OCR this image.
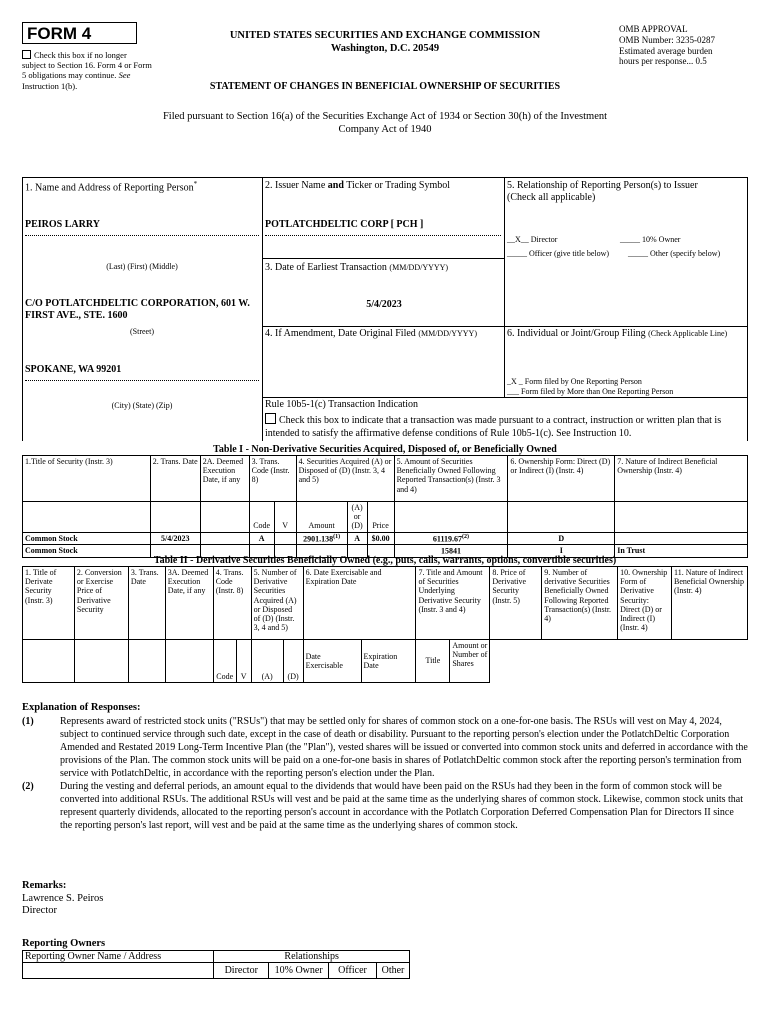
FORM 4
Check this box if no longer subject to Section 16. Form 4 or Form 5 obligations may continue. See Instruction 1(b).
UNITED STATES SECURITIES AND EXCHANGE COMMISSION
Washington, D.C. 20549
STATEMENT OF CHANGES IN BENEFICIAL OWNERSHIP OF SECURITIES
OMB APPROVAL
OMB Number: 3235-0287
Estimated average burden
hours per response... 0.5
Filed pursuant to Section 16(a) of the Securities Exchange Act of 1934 or Section 30(h) of the Investment Company Act of 1940
1. Name and Address of Reporting Person*
PEIROS LARRY
(Last) (First) (Middle)
C/O POTLATCHDELTIC CORPORATION, 601 W. FIRST AVE., STE. 1600
(Street)
SPOKANE, WA 99201
(City) (State) (Zip)
2. Issuer Name and Ticker or Trading Symbol
POTLATCHDELTIC CORP [ PCH ]
3. Date of Earliest Transaction (MM/DD/YYYY)
5/4/2023
4. If Amendment, Date Original Filed (MM/DD/YYYY)
5. Relationship of Reporting Person(s) to Issuer
(Check all applicable)
__X__ Director	_____ 10% Owner
_____ Officer (give title below) _____ Other (specify below)
6. Individual or Joint/Group Filing (Check Applicable Line)
_X _ Form filed by One Reporting Person
___ Form filed by More than One Reporting Person
Rule 10b5-1(c) Transaction Indication
Check this box to indicate that a transaction was made pursuant to a contract, instruction or written plan that is intended to satisfy the affirmative defense conditions of Rule 10b5-1(c). See Instruction 10.
Table I - Non-Derivative Securities Acquired, Disposed of, or Beneficially Owned
1.Title of Security (Instr. 3)	2. Trans. Date	2A. Deemed Execution Date, if any	3. Trans. Code (Instr. 8)		4. Securities Acquired (A) or Disposed of (D) (Instr. 3, 4 and 5)			5. Amount of Securities Beneficially Owned Following Reported Transaction(s) (Instr. 3 and 4)	6. Ownership Form: Direct (D) or Indirect (I) (Instr. 4)	7. Nature of Indirect Beneficial Ownership (Instr. 4)
			Code	V	Amount	(A) or (D)	Price			
Common Stock	5/4/2023		A		2901.138$^{(1)}$	A	$0.00	61119.67$^{(2)}$	D	
Common Stock								15841	I	In Trust
Table II - Derivative Securities Beneficially Owned (e.g., puts, calls, warrants, options, convertible securities)
1. Title of Derivate Security (Instr. 3)	2. Conversion or Exercise Price of Derivative Security	3. Trans. Date	3A. Deemed Execution Date, if any	4. Trans. Code (Instr. 8)		5. Number of Derivative Securities Acquired (A) or Disposed of (D) (Instr. 3, 4 and 5)		6. Date Exercisable and Expiration Date		7. Title and Amount of Securities Underlying Derivative Security (Instr. 3 and 4)		8. Price of Derivative Security (Instr. 5)	9. Number of derivative Securities Beneficially Owned Following Reported Transaction(s) (Instr. 4)	10. Ownership Form of Derivative Security: Direct (D) or Indirect (I) (Instr. 4)	11. Nature of Indirect Beneficial Ownership (Instr. 4)
				Code	V	(A)	(D)	Date Exercisable	Expiration Date	Title	Amount or Number of Shares				
Explanation of Responses:
(1)	Represents award of restricted stock units ("RSUs") that may be settled only for shares of common stock on a one-for-one basis. The RSUs will vest on May 4, 2024, subject to continued service through such date, except in the case of death or disability. Pursuant to the reporting person's election under the PotlatchDeltic Corporation Amended and Restated 2019 Long-Term Incentive Plan (the "Plan"), vested shares will be issued or converted into common stock units and deferred in accordance with the provisions of the Plan. The common stock units will be paid on a one-for-one basis in shares of PotlatchDeltic common stock after the reporting person's termination from service with PotlatchDeltic, in accordance with the reporting person's election under the Plan.
(2)	During the vesting and deferral periods, an amount equal to the dividends that would have been paid on the RSUs had they been in the form of common stock will be converted into additional RSUs. The additional RSUs will vest and be paid at the same time as the underlying shares of common stock. Likewise, common stock units that represent quarterly dividends, allocated to the reporting person's account in accordance with the Potlatch Corporation Deferred Compensation Plan for Directors II since the reporting person's last report, will vest and be paid at the same time as the underlying shares of common stock.
Remarks:
Lawrence S. Peiros
Director
Reporting Owners
Reporting Owner Name / Address	Relationships			
	Director	10% Owner	Officer	Other
